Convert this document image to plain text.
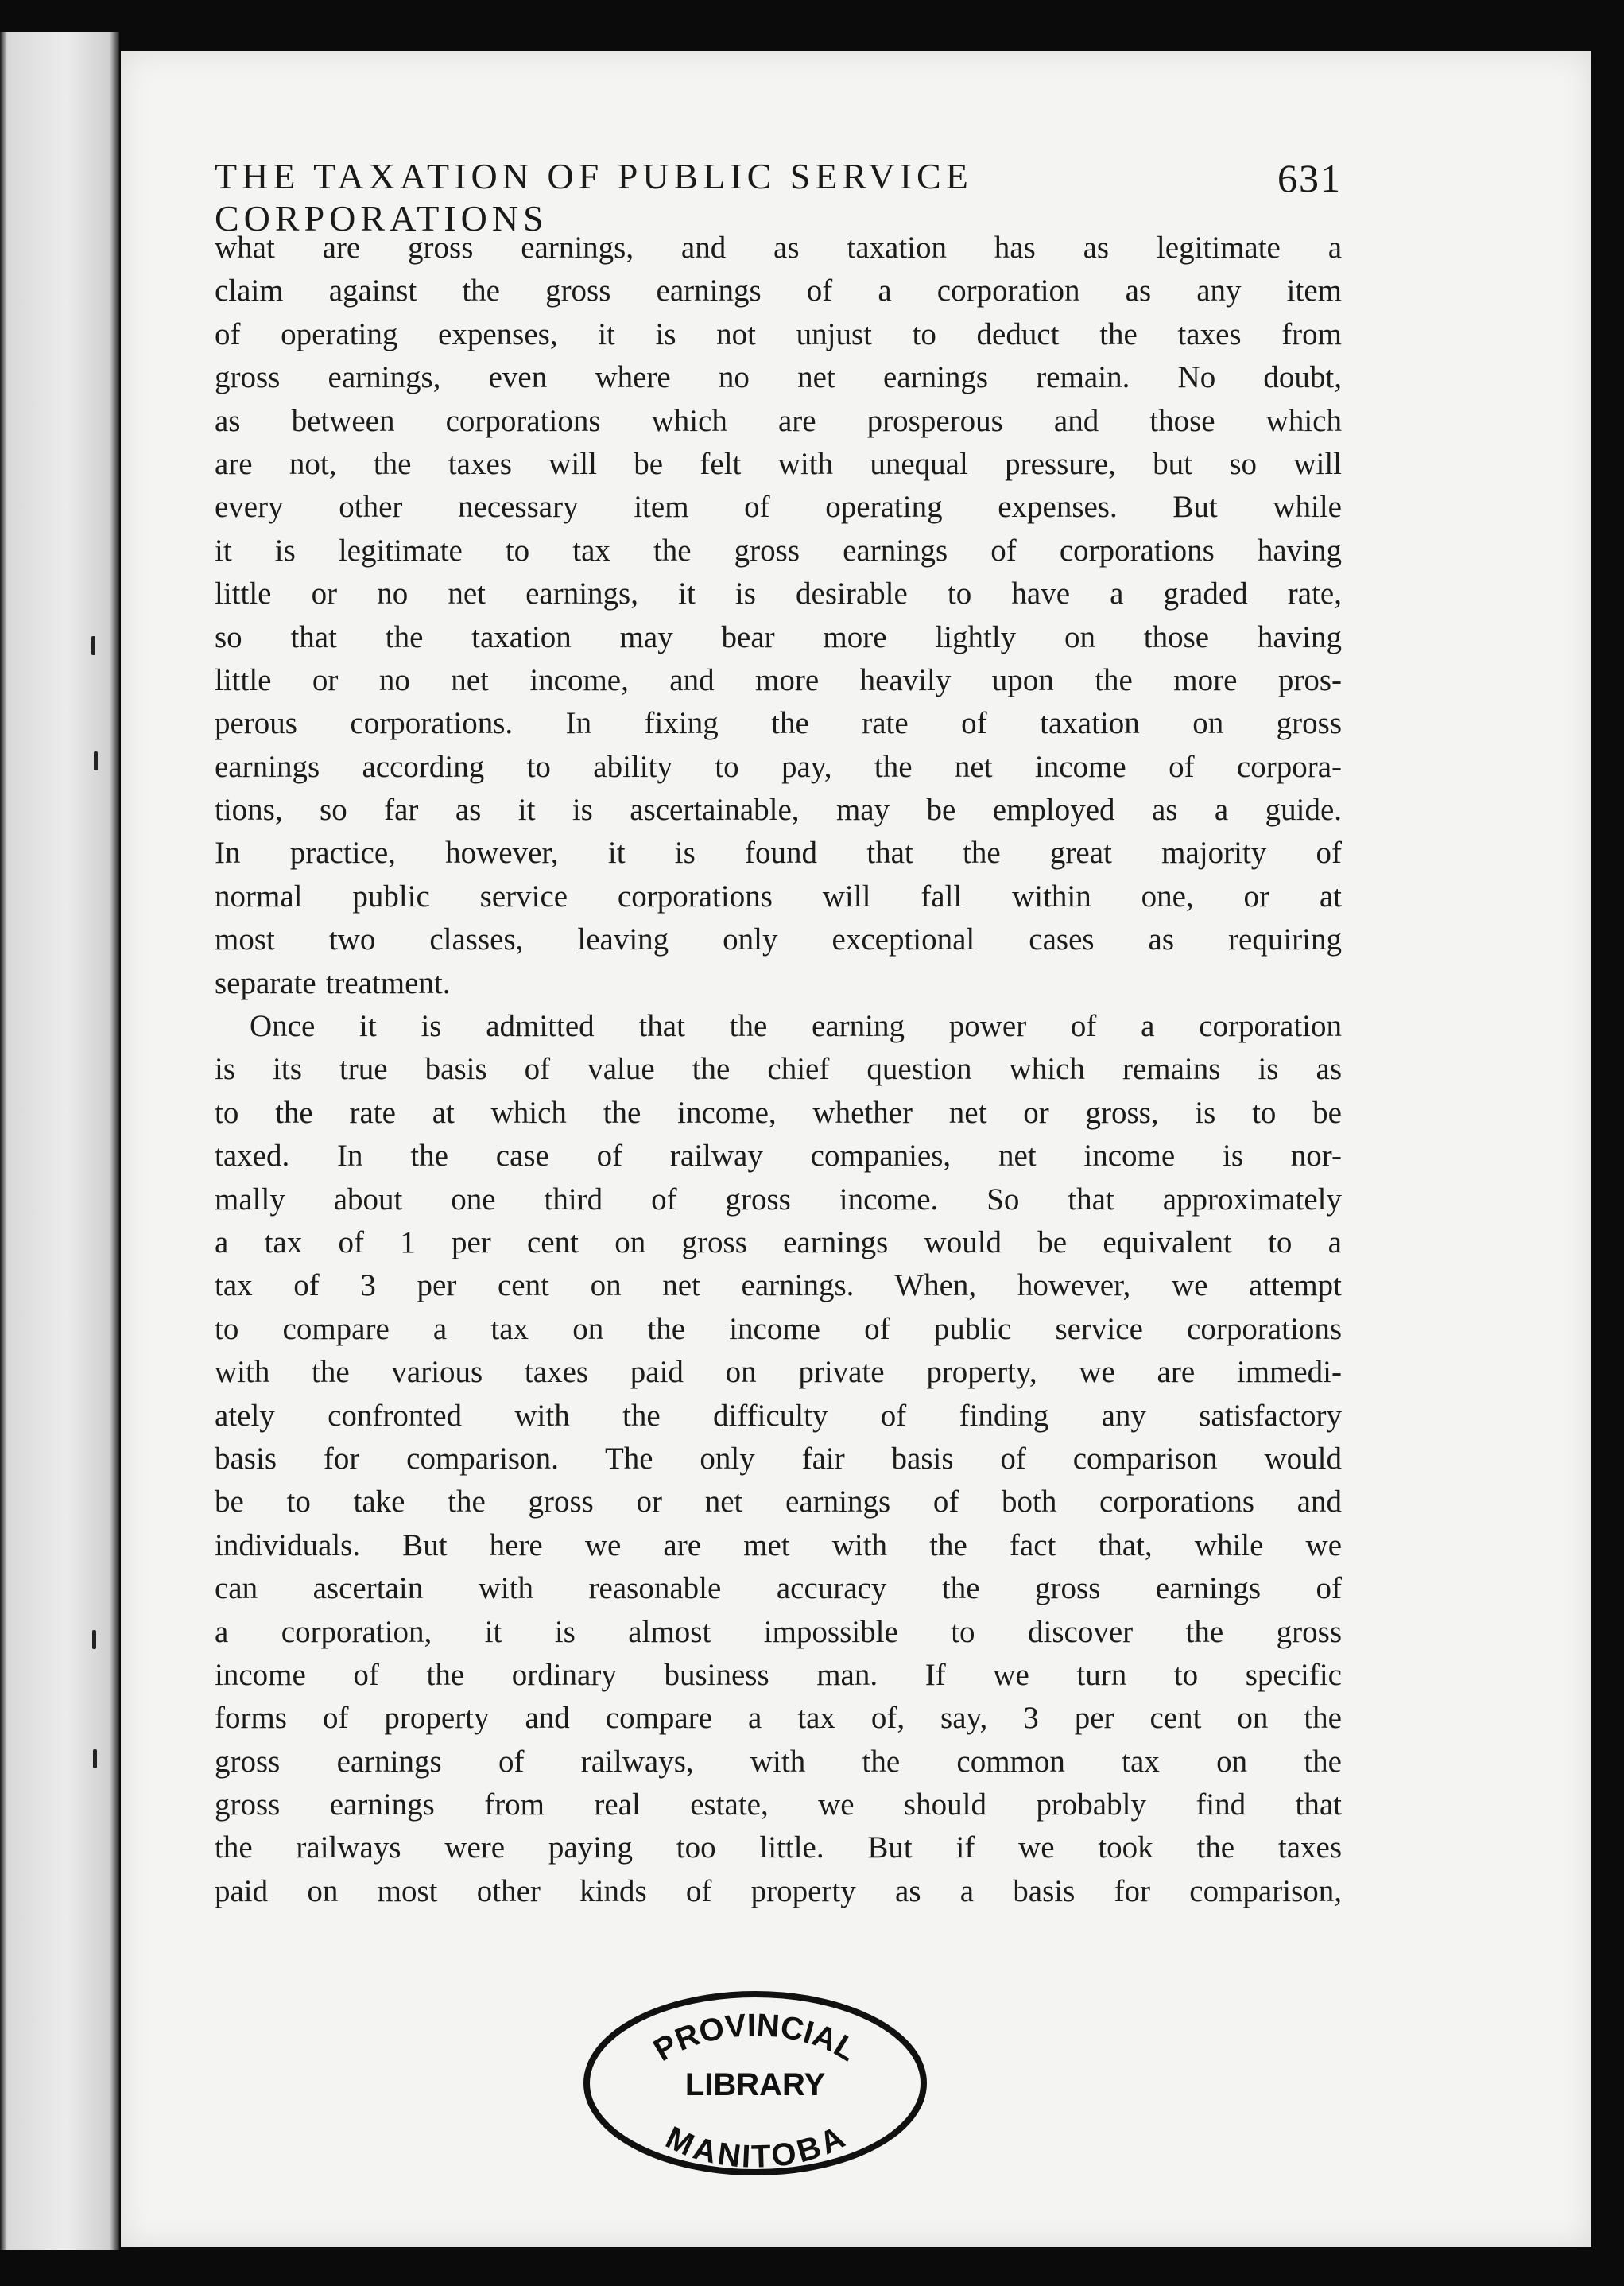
THE TAXATION OF PUBLIC SERVICE CORPORATIONS
631
what are gross earnings, and as taxation has as legitimate a
claim against the gross earnings of a corporation as any item
of operating expenses, it is not unjust to deduct the taxes from
gross earnings, even where no net earnings remain. No doubt,
as between corporations which are prosperous and those which
are not, the taxes will be felt with unequal pressure, but so will
every other necessary item of operating expenses. But while
it is legitimate to tax the gross earnings of corporations having
little or no net earnings, it is desirable to have a graded rate,
so that the taxation may bear more lightly on those having
little or no net income, and more heavily upon the more pros-
perous corporations. In fixing the rate of taxation on gross
earnings according to ability to pay, the net income of corpora-
tions, so far as it is ascertainable, may be employed as a guide.
In practice, however, it is found that the great majority of
normal public service corporations will fall within one, or at
most two classes, leaving only exceptional cases as requiring
separate treatment.
Once it is admitted that the earning power of a corporation
is its true basis of value the chief question which remains is as
to the rate at which the income, whether net or gross, is to be
taxed. In the case of railway companies, net income is nor-
mally about one third of gross income. So that approximately
a tax of 1 per cent on gross earnings would be equivalent to a
tax of 3 per cent on net earnings. When, however, we attempt
to compare a tax on the income of public service corporations
with the various taxes paid on private property, we are immedi-
ately confronted with the difficulty of finding any satisfactory
basis for comparison. The only fair basis of comparison would
be to take the gross or net earnings of both corporations and
individuals. But here we are met with the fact that, while we
can ascertain with reasonable accuracy the gross earnings of
a corporation, it is almost impossible to discover the gross
income of the ordinary business man. If we turn to specific
forms of property and compare a tax of, say, 3 per cent on the
gross earnings of railways, with the common tax on the
gross earnings from real estate, we should probably find that
the railways were paying too little. But if we took the taxes
paid on most other kinds of property as a basis for comparison,
PROVINCIAL
LIBRARY
MANITOBA
